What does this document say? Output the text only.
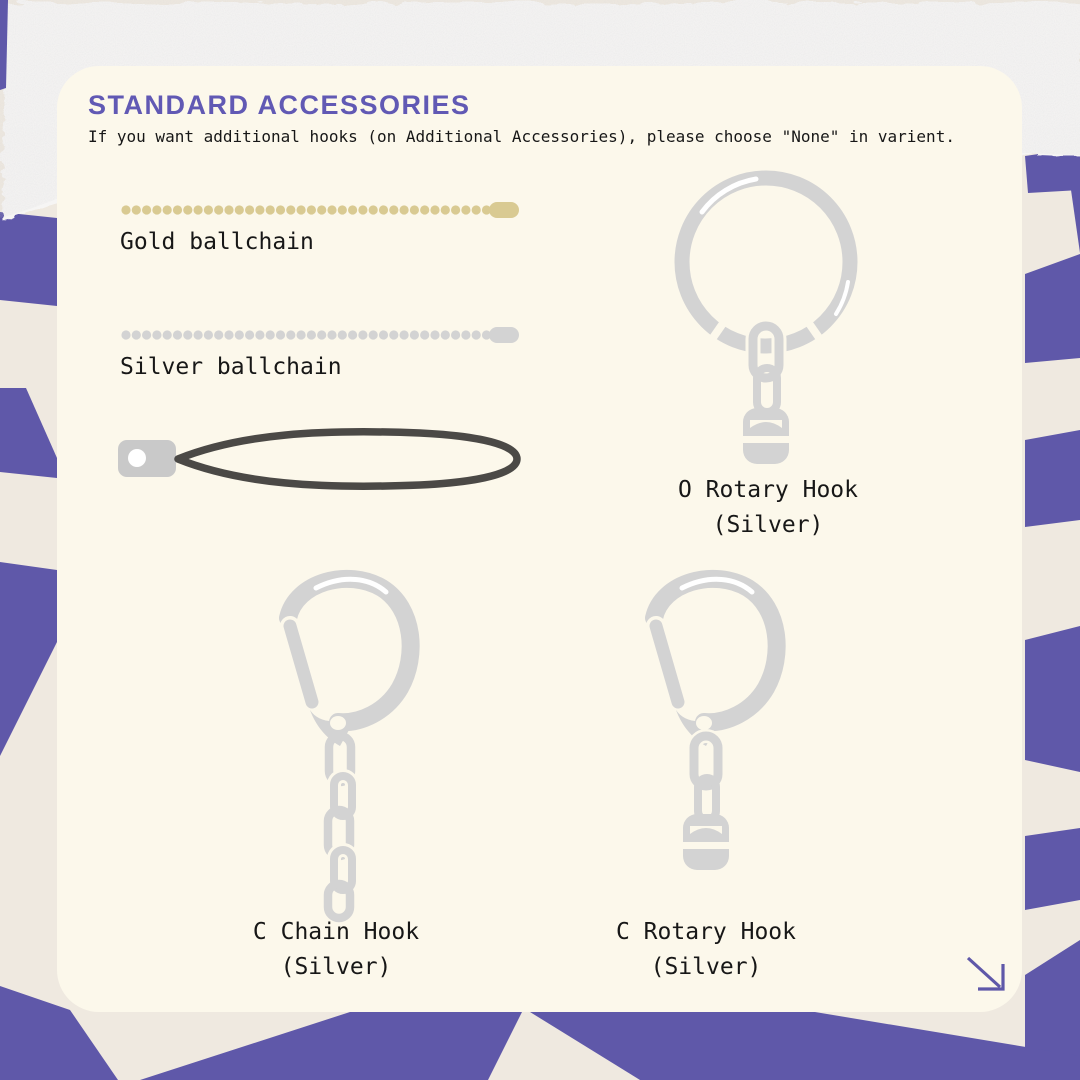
STANDARD ACCESSORIES
If you want additional hooks (on Additional Accessories), please choose "None" in varient.
Gold ballchain
Silver ballchain
O Rotary Hook
(Silver)
C Chain Hook
(Silver)
C Rotary Hook
(Silver)
